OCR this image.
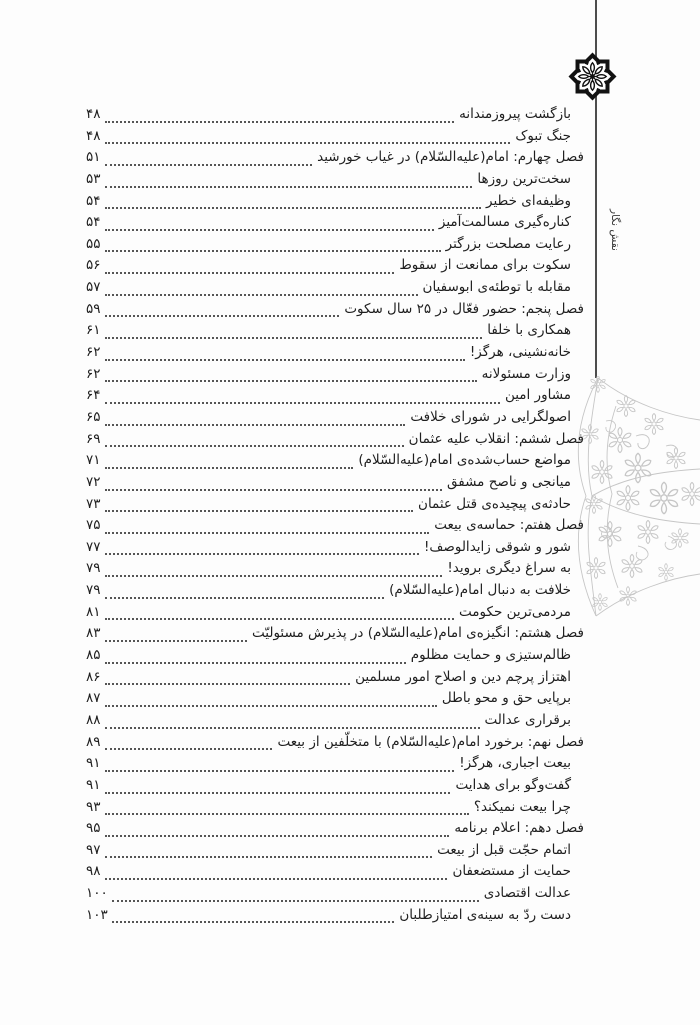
نقش نگار
بازگشت پیروزمندانه
۴۸
جنگ تبوک
۴۸
فصل چهارم: امام(علیه‌السّلام) در غیاب خورشید
۵۱
سخت‌ترین روزها
۵۳
وظیفه‌ای خطیر
۵۴
کناره‌گیری مسالمت‌آمیز
۵۴
رعایت مصلحت بزرگتر
۵۵
سکوت برای ممانعت از سقوط
۵۶
مقابله با توطئه‌ی ابوسفیان
۵۷
فصل پنجم: حضور فعّال در ۲۵ سال سکوت
۵۹
همکاری با خلفا
۶۱
خانه‌نشینی، هرگز!
۶۲
وزارت مسئولانه
۶۲
مشاور امین
۶۴
اصولگرایی در شورای خلافت
۶۵
فصل ششم: انقلاب علیه عثمان
۶۹
مواضع حساب‌شده‌ی امام(علیه‌السّلام)
۷۱
میانجی و ناصح مشفق
۷۲
حادثه‌ی پیچیده‌ی قتل عثمان
۷۳
فصل هفتم: حماسه‌ی بیعت
۷۵
شور و شوقی زایدالوصف!
۷۷
به سراغ دیگری بروید!
۷۹
خلافت به دنبال امام(علیه‌السّلام)
۷۹
مردمی‌ترین حکومت
۸۱
فصل هشتم: انگیزه‌ی امام(علیه‌السّلام) در پذیرش مسئولیّت
۸۳
ظالم‌ستیزی و حمایت مظلوم
۸۵
اهتزاز پرچم دین و اصلاح امور مسلمین
۸۶
برپایی حق و محو باطل
۸۷
برقراری عدالت
۸۸
فصل نهم: برخورد امام(علیه‌السّلام) با متخلّفین از بیعت
۸۹
بیعت اجباری، هرگز!
۹۱
گفت‌وگو برای هدایت
۹۱
چرا بیعت نمیکند؟
۹۳
فصل دهم: اعلام برنامه
۹۵
اتمام حجّت قبل از بیعت
۹۷
حمایت از مستضعفان
۹۸
عدالت اقتصادی
۱۰۰
دست ردّ به سینه‌ی امتیازطلبان
۱۰۳
